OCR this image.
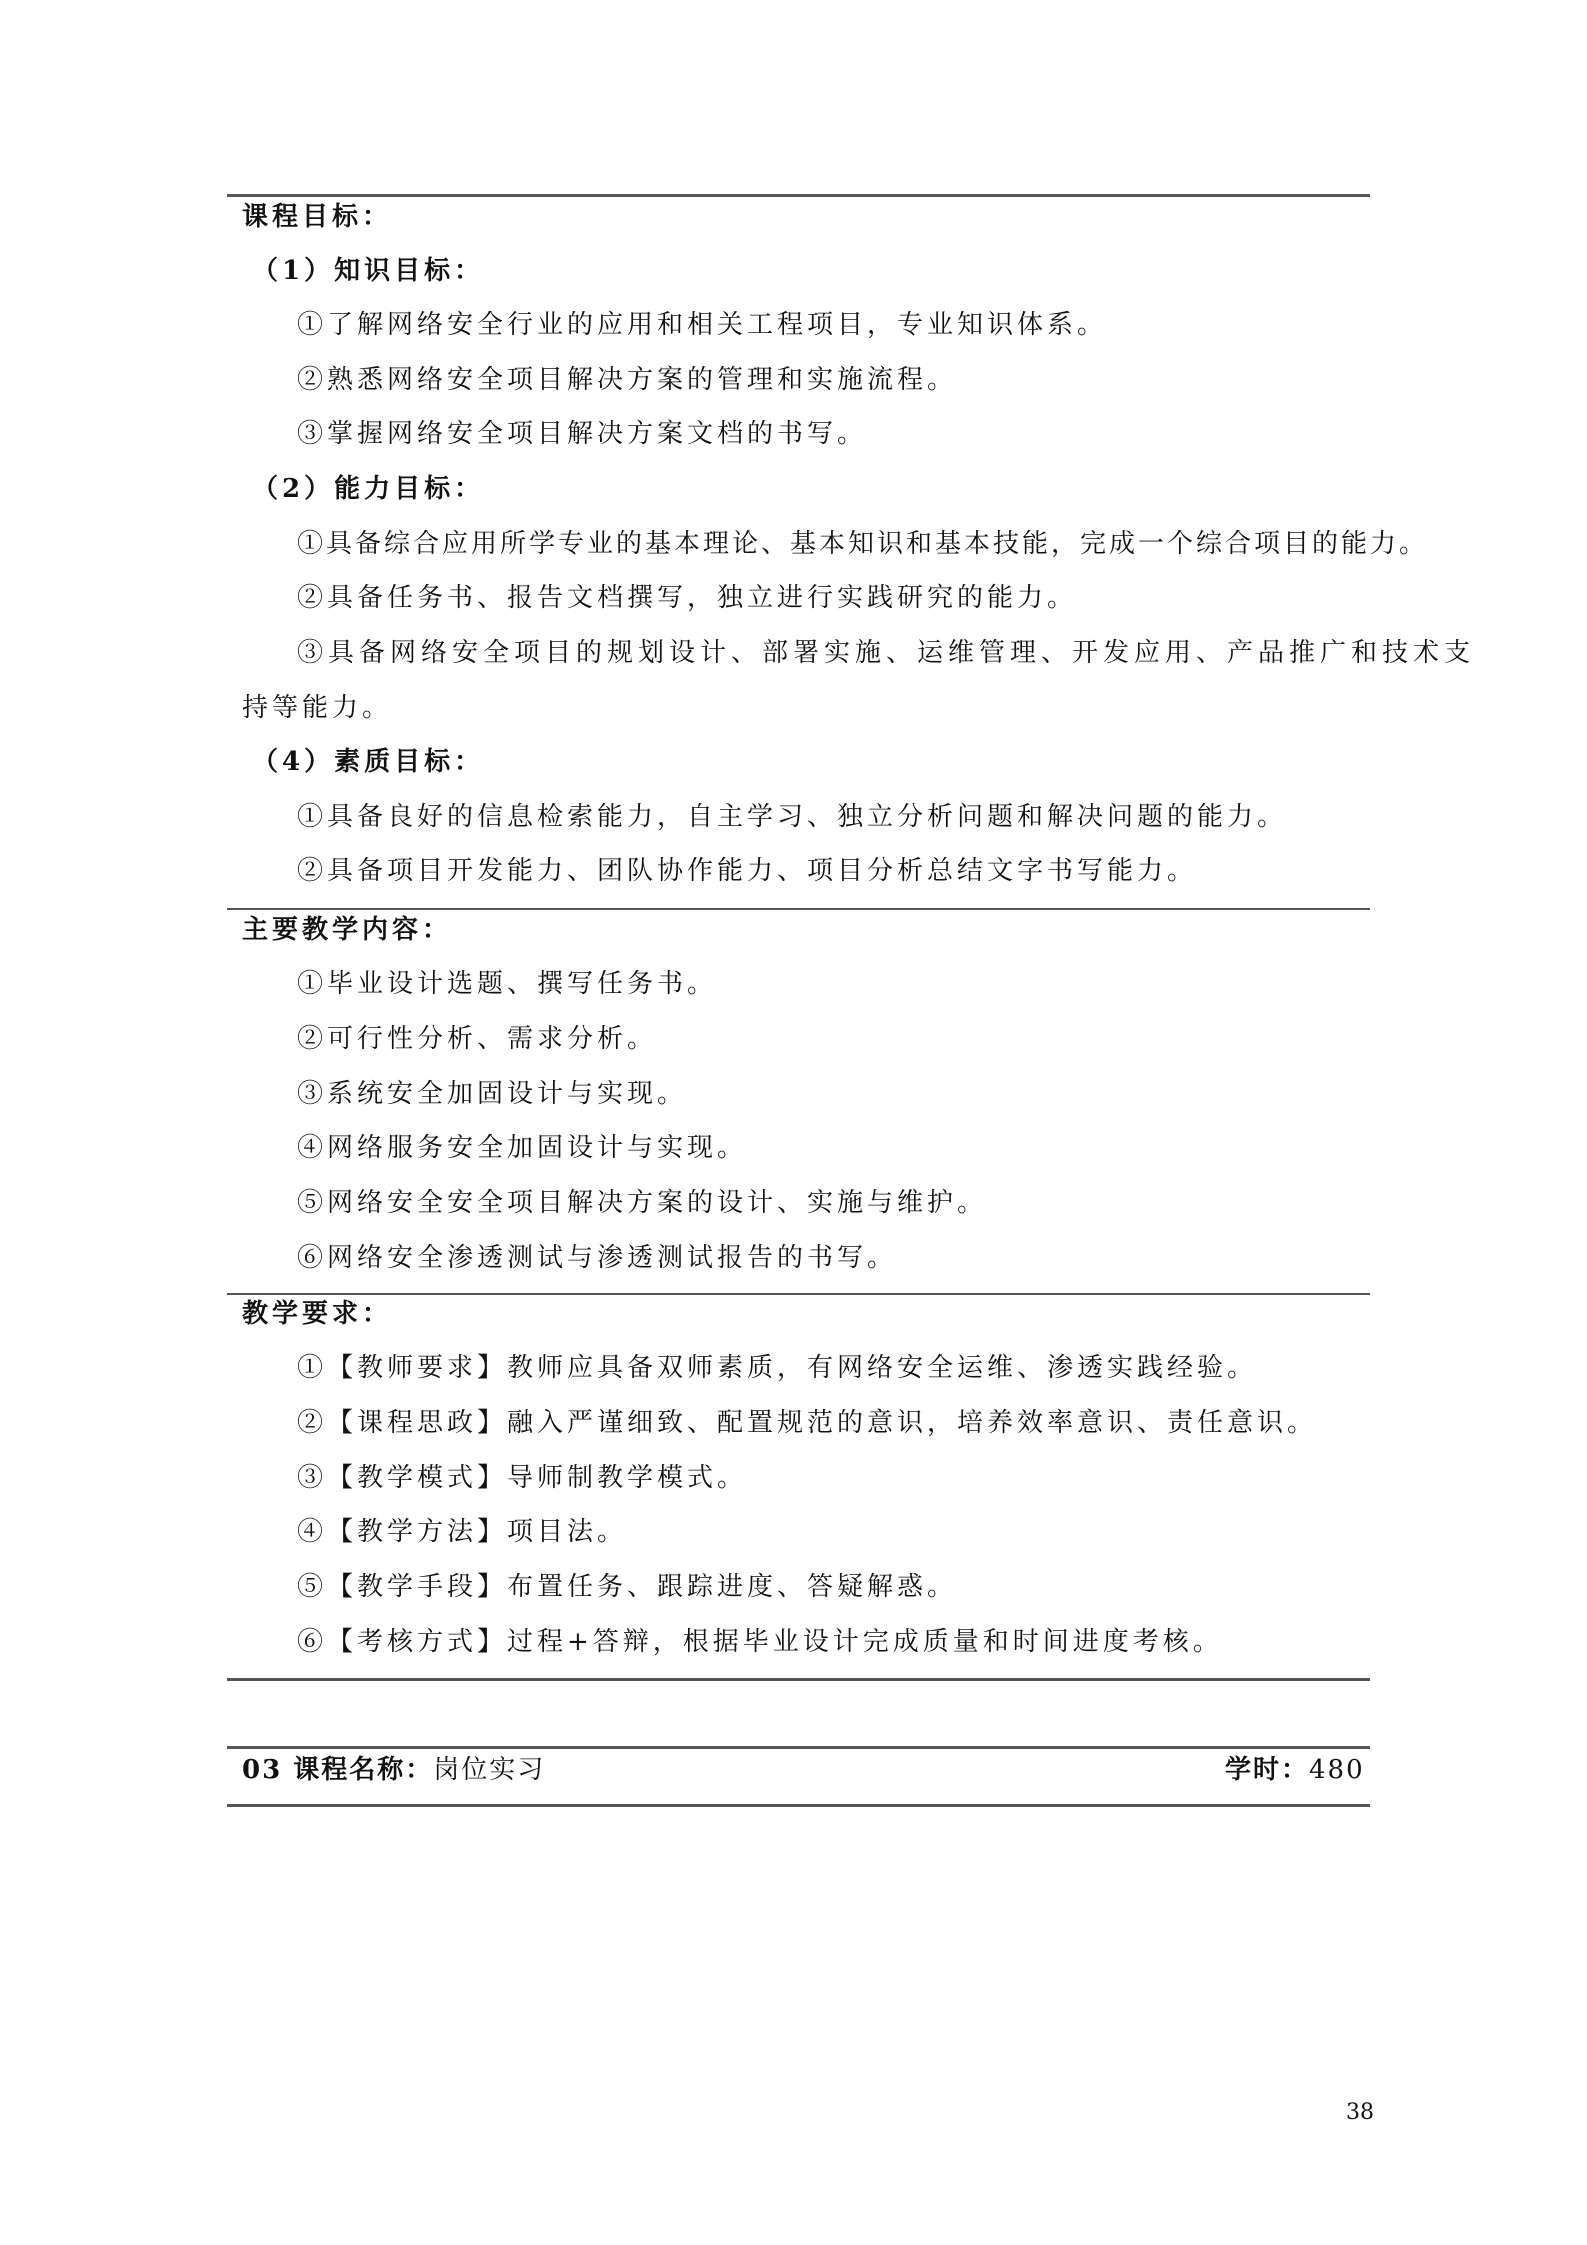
课程目标：
（1）知识目标：
①了解网络安全行业的应用和相关工程项目，专业知识体系。
②熟悉网络安全项目解决方案的管理和实施流程。
③掌握网络安全项目解决方案文档的书写。
（2）能力目标：
①具备综合应用所学专业的基本理论、基本知识和基本技能，完成一个综合项目的能力。
②具备任务书、报告文档撰写，独立进行实践研究的能力。
③具备网络安全项目的规划设计、部署实施、运维管理、开发应用、产品推广和技术支
持等能力。
（4）素质目标：
①具备良好的信息检索能力，自主学习、独立分析问题和解决问题的能力。
②具备项目开发能力、团队协作能力、项目分析总结文字书写能力。
主要教学内容：
①毕业设计选题、撰写任务书。
②可行性分析、需求分析。
③系统安全加固设计与实现。
④网络服务安全加固设计与实现。
⑤网络安全安全项目解决方案的设计、实施与维护。
⑥网络安全渗透测试与渗透测试报告的书写。
教学要求：
①【教师要求】教师应具备双师素质，有网络安全运维、渗透实践经验。
②【课程思政】融入严谨细致、配置规范的意识，培养效率意识、责任意识。
③【教学模式】导师制教学模式。
④【教学方法】项目法。
⑤【教学手段】布置任务、跟踪进度、答疑解惑。
⑥【考核方式】过程+答辩，根据毕业设计完成质量和时间进度考核。
03 课程名称：岗位实习	学时：480
38
